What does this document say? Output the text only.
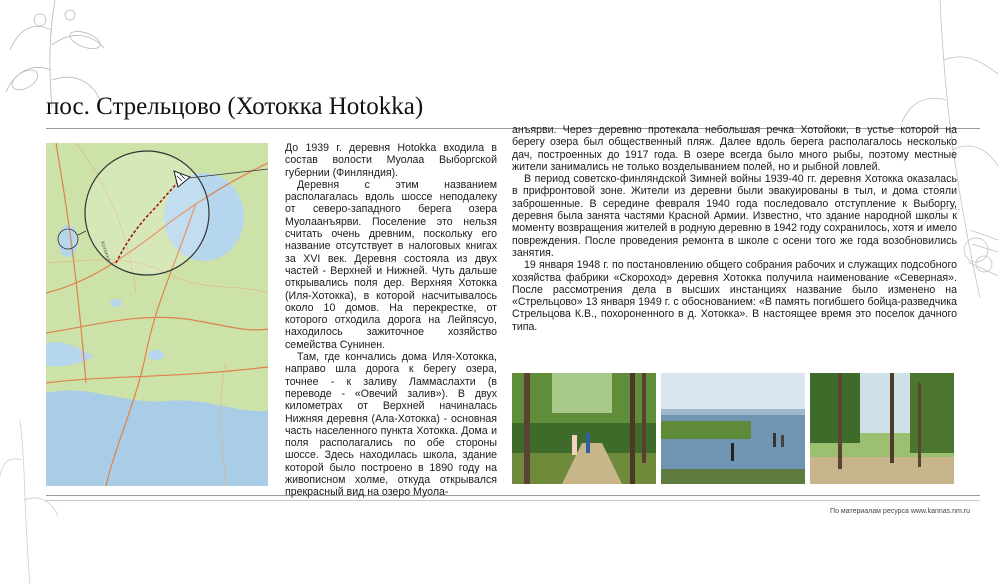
пос. Стрельцово (Хотокка Hotokka)
Хотокка

До 1939 г. деревня Hotokka входила в состав волости Муолаа Выборгской губернии (Финляндия).

Деревня с этим названием располагалась вдоль шоссе неподалеку от северо-западного берега озера Муолаанъярви. Поселение это нельзя считать очень древним, поскольку его название отсутствует в налоговых книгах за XVI век. Деревня состояла из двух частей - Верхней и Нижней. Чуть дальше открывались поля дер. Верхняя Хотокка (Иля-Хотокка), в которой насчитывалось около 10 домов. На перекрестке, от которого отходила дорога на Лейпясуо, находилось зажиточное хозяйство семейства Сунинен.

Там, где кончались дома Иля-Хотокка, направо шла дорога к берегу озера, точнее - к заливу Ламмаслахти (в переводе - «Овечий залив»). В двух километрах от Верхней начиналась Нижняя деревня (Ала-Хотокка) - основная часть населенного пункта Хотокка. Дома и поля располагались по обе стороны шоссе. Здесь находилась школа, здание которой было построено в 1890 году на живописном холме, откуда открывался прекрасный вид на озеро Муола-

анъярви. Через деревню протекала небольшая речка Хотойоки, в устье которой на берегу озера был общественный пляж. Далее вдоль берега располагалось несколько дач, построенных до 1917 года. В озере всегда было много рыбы, поэтому местные жители занимались не только возделыванием полей, но и рыбной ловлей.

В период советско-финляндской Зимней войны 1939-40 гг. деревня Хотокка оказалась в прифронтовой зоне. Жители из деревни были эвакуированы в тыл, и дома стояли заброшенные. В середине февраля 1940 года последовало отступление к Выборгу, деревня была занята частями Красной Армии. Известно, что здание народной школы к моменту возвращения жителей в родную деревню в 1942 году сохранилось, хотя и имело повреждения. После проведения ремонта в школе с осени того же года возобновились занятия.

19 января 1948 г. по постановлению общего собрания рабочих и служащих подсобного хозяйства фабрики «Скороход» деревня Хотокка получила наименование «Северная». После рассмотрения дела в высших инстанциях название было изменено на «Стрельцово» 13 января 1949 г. с обоснованием: «В память погибшего бойца-разведчика Стрельцова К.В., похороненного в д. Хотокка». В настоящее время это поселок дачного типа.

По материалам ресурса www.kannas.nm.ru
